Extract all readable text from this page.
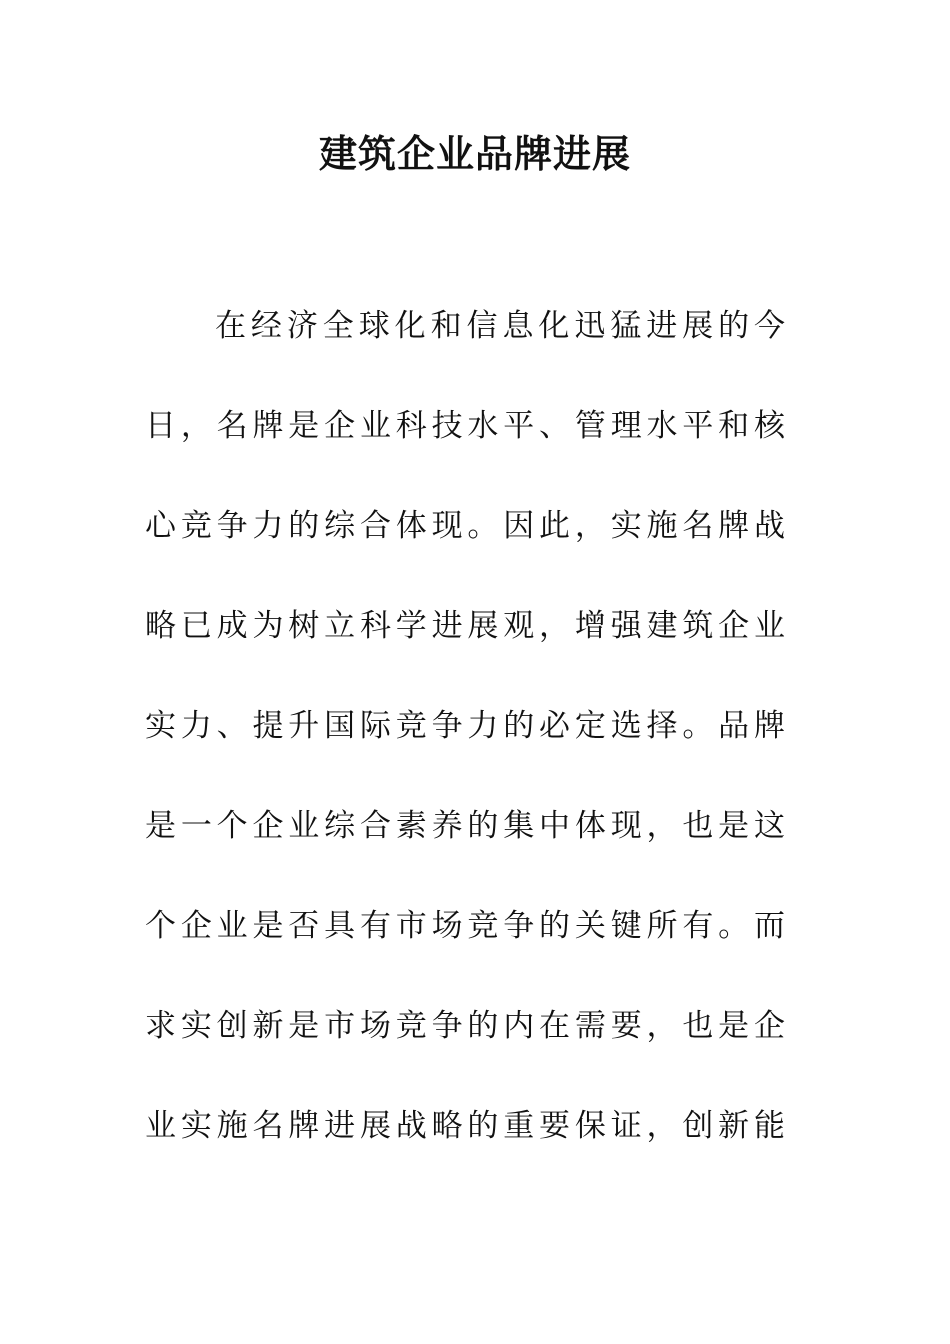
建筑企业品牌进展
在经济全球化和信息化迅猛进展的今
日，名牌是企业科技水平、管理水平和核
心竞争力的综合体现。因此，实施名牌战
略已成为树立科学进展观，增强建筑企业
实力、提升国际竞争力的必定选择。品牌
是一个企业综合素养的集中体现，也是这
个企业是否具有市场竞争的关键所有。而
求实创新是市场竞争的内在需要，也是企
业实施名牌进展战略的重要保证，创新能
